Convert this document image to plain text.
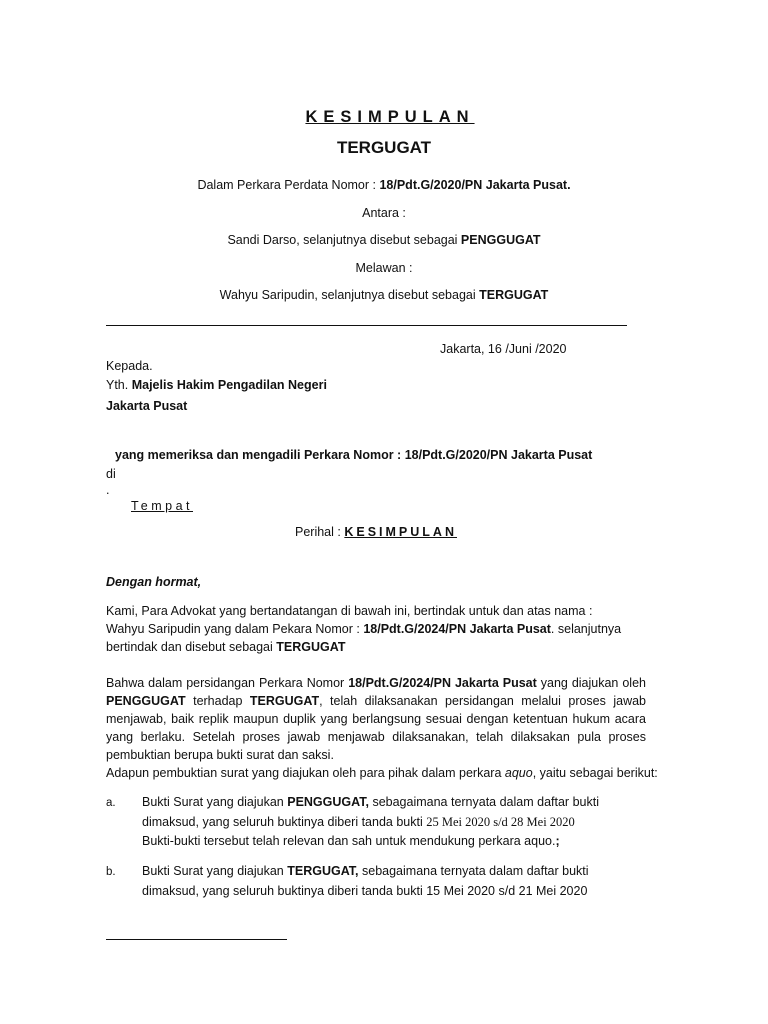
KESIMPULAN
TERGUGAT
Dalam Perkara Perdata Nomor : 18/Pdt.G/2020/PN Jakarta Pusat.
Antara :
Sandi Darso, selanjutnya disebut sebagai PENGGUGAT
Melawan :
Wahyu Saripudin, selanjutnya disebut sebagai TERGUGAT
Jakarta, 16 /Juni /2020
Kepada.
Yth. Majelis Hakim Pengadilan Negeri
Jakarta Pusat
yang memeriksa dan mengadili Perkara Nomor : 18/Pdt.G/2020/PN Jakarta Pusat
di
.
Tempat
Perihal : KESIMPULAN
Dengan hormat,
Kami, Para Advokat yang bertandatangan di bawah ini, bertindak untuk dan atas nama :
Wahyu Saripudin yang dalam Pekara Nomor : 18/Pdt.G/2024/PN Jakarta Pusat. selanjutnya
bertindak dan disebut sebagai TERGUGAT
Bahwa dalam persidangan Perkara Nomor 18/Pdt.G/2024/PN Jakarta Pusat yang diajukan oleh PENGGUGAT terhadap TERGUGAT, telah dilaksanakan persidangan melalui proses jawab menjawab, baik replik maupun duplik yang berlangsung sesuai dengan ketentuan hukum acara yang berlaku. Setelah proses jawab menjawab dilaksanakan, telah dilaksakan pula proses pembuktian berupa bukti surat dan saksi.
Adapun pembuktian surat yang diajukan oleh para pihak dalam perkara aquo, yaitu sebagai berikut:
a. Bukti Surat yang diajukan PENGGUGAT, sebagaimana ternyata dalam daftar bukti
dimaksud, yang seluruh buktinya diberi tanda bukti 25 Mei 2020 s/d 28 Mei 2020
Bukti-bukti tersebut telah relevan dan sah untuk mendukung perkara aquo.;
b. Bukti Surat yang diajukan TERGUGAT, sebagaimana ternyata dalam daftar bukti
dimaksud, yang seluruh buktinya diberi tanda bukti 15 Mei 2020 s/d 21 Mei 2020
